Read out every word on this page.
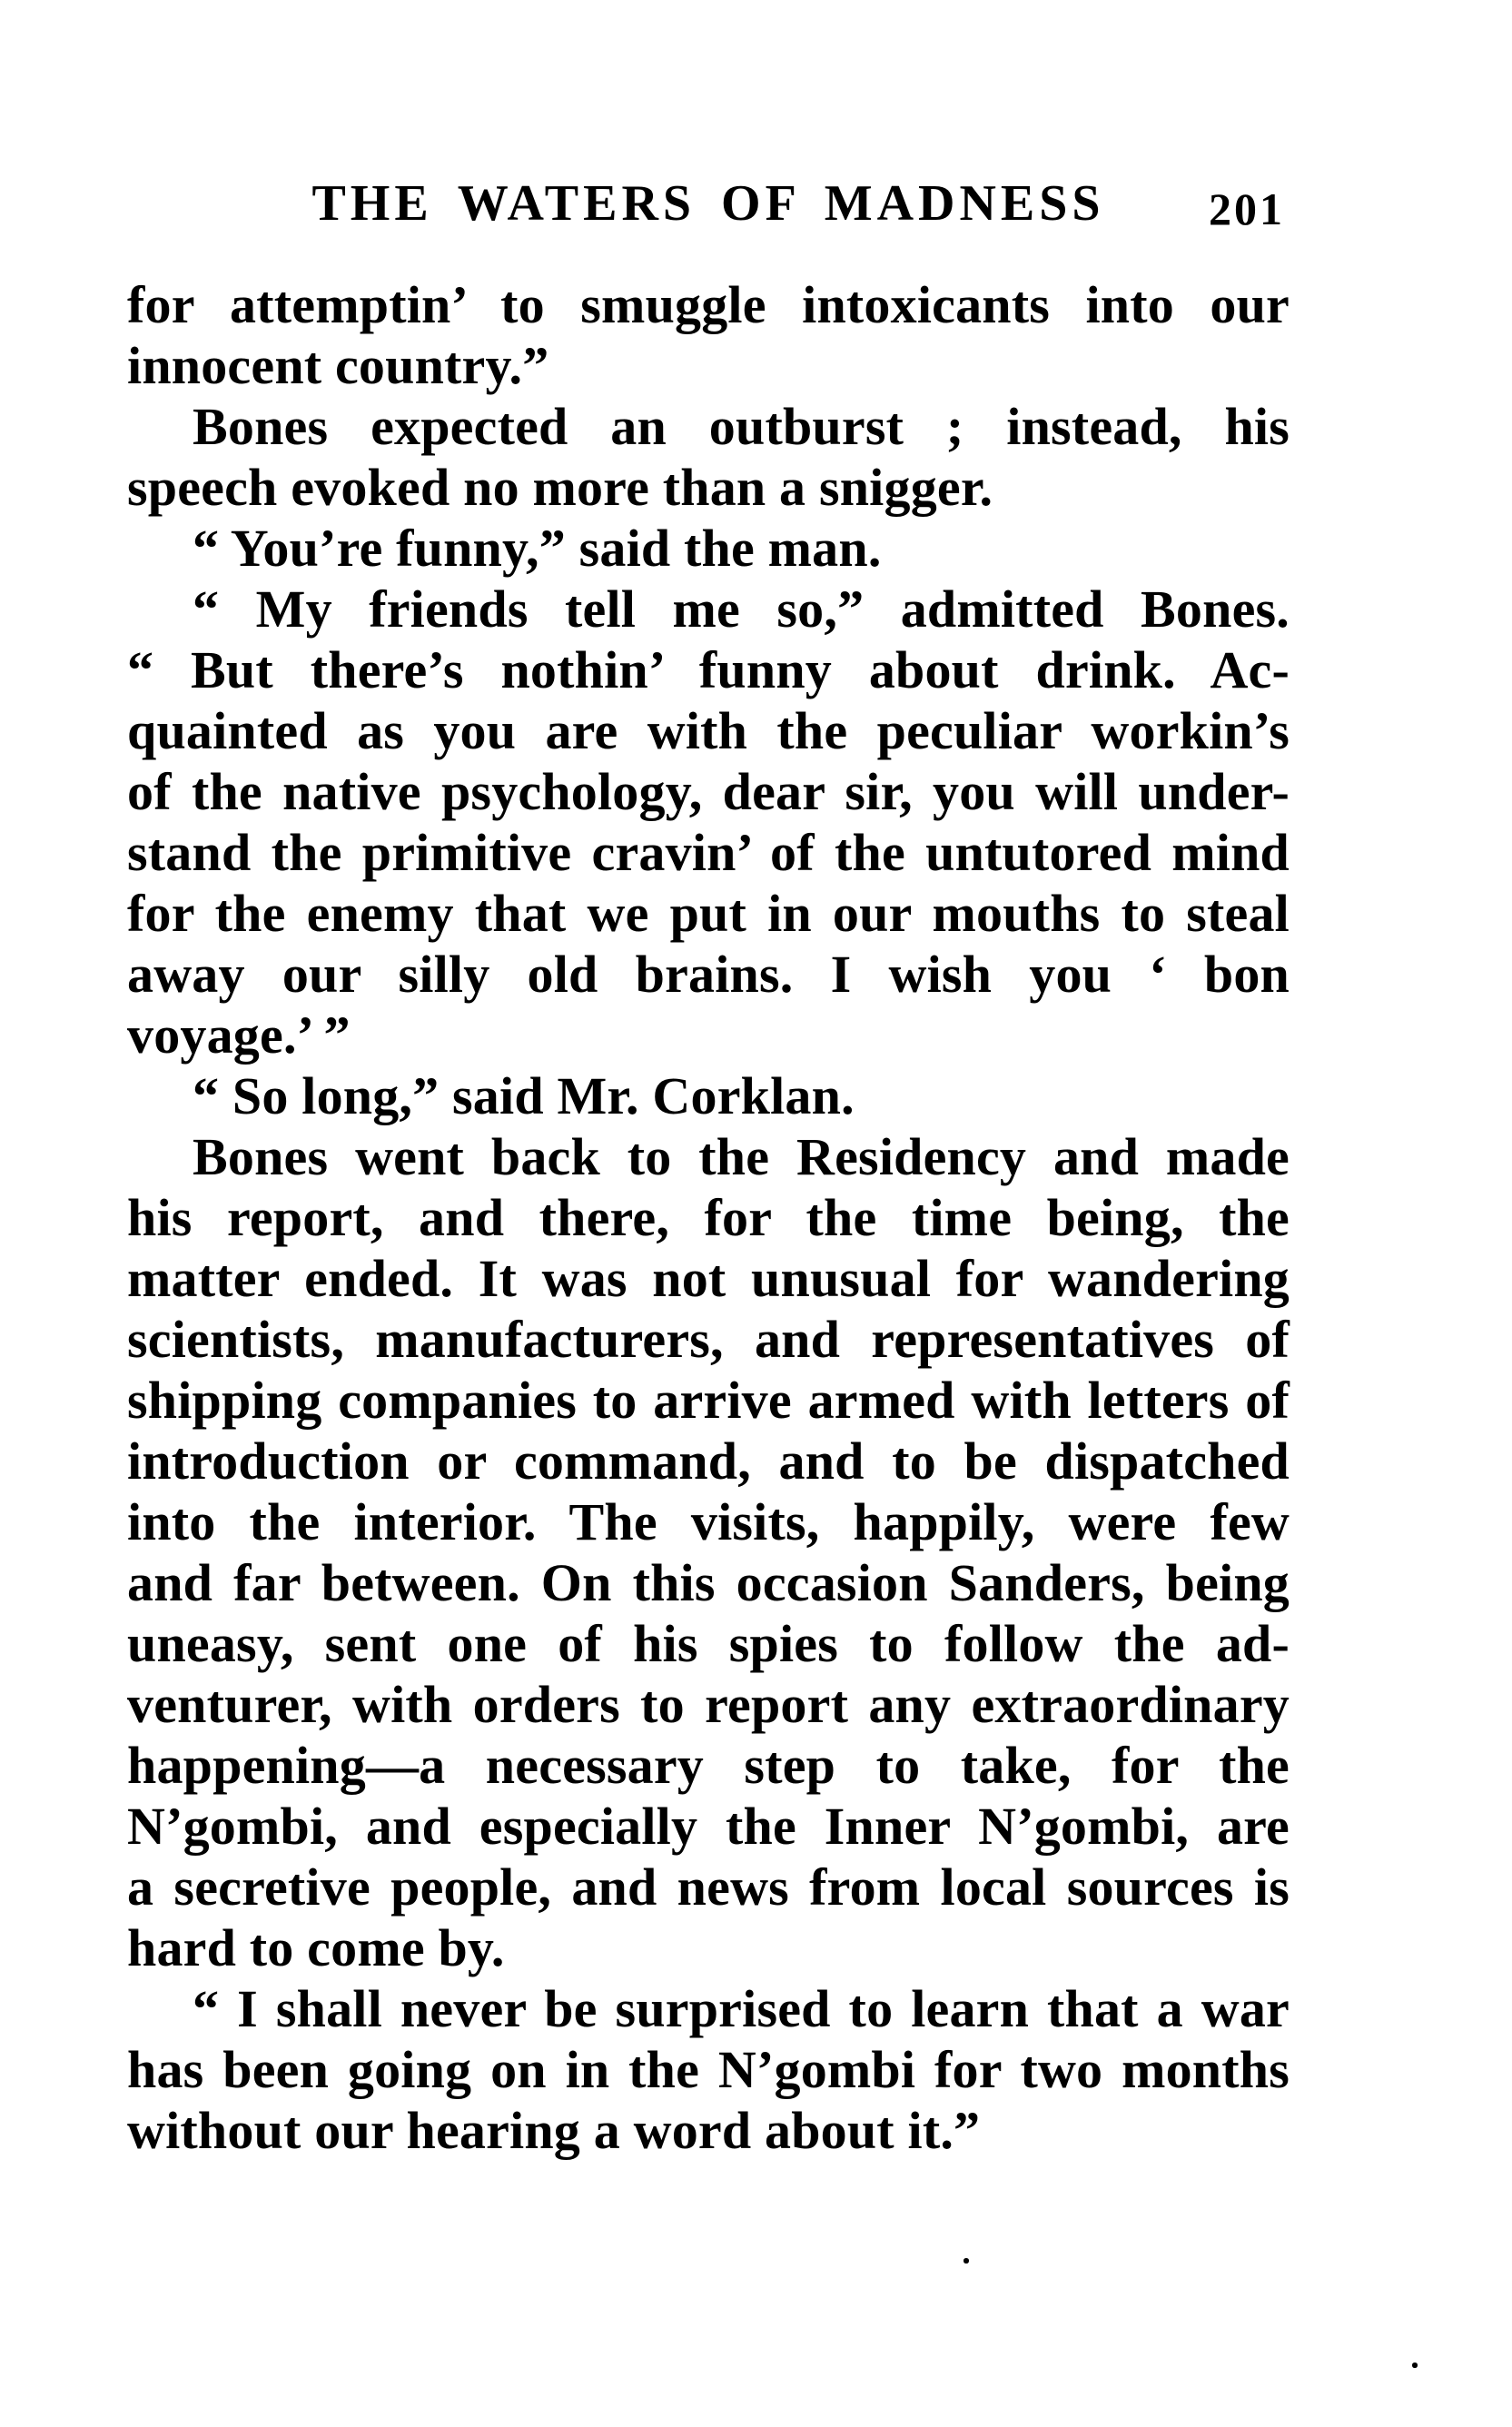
THE WATERS OF MADNESS	201
for attemptin’ to smuggle intoxicants into our
innocent country.”
Bones expected an outburst ; instead, his
speech evoked no more than a snigger.
“ You’re funny,” said the man.
“ My friends tell me so,” admitted Bones.
“ But there’s nothin’ funny about drink. Ac-
quainted as you are with the peculiar workin’s
of the native psychology, dear sir, you will under-
stand the primitive cravin’ of the untutored mind
for the enemy that we put in our mouths to steal
away our silly old brains. I wish you ‘ bon
voyage.’ ”
“ So long,” said Mr. Corklan.
Bones went back to the Residency and made
his report, and there, for the time being, the
matter ended. It was not unusual for wandering
scientists, manufacturers, and representatives of
shipping companies to arrive armed with letters of
introduction or command, and to be dispatched
into the interior. The visits, happily, were few
and far between. On this occasion Sanders, being
uneasy, sent one of his spies to follow the ad-
venturer, with orders to report any extraordinary
happening—a necessary step to take, for the
N’gombi, and especially the Inner N’gombi, are
a secretive people, and news from local sources is
hard to come by.
“ I shall never be surprised to learn that a war
has been going on in the N’gombi for two months
without our hearing a word about it.”
